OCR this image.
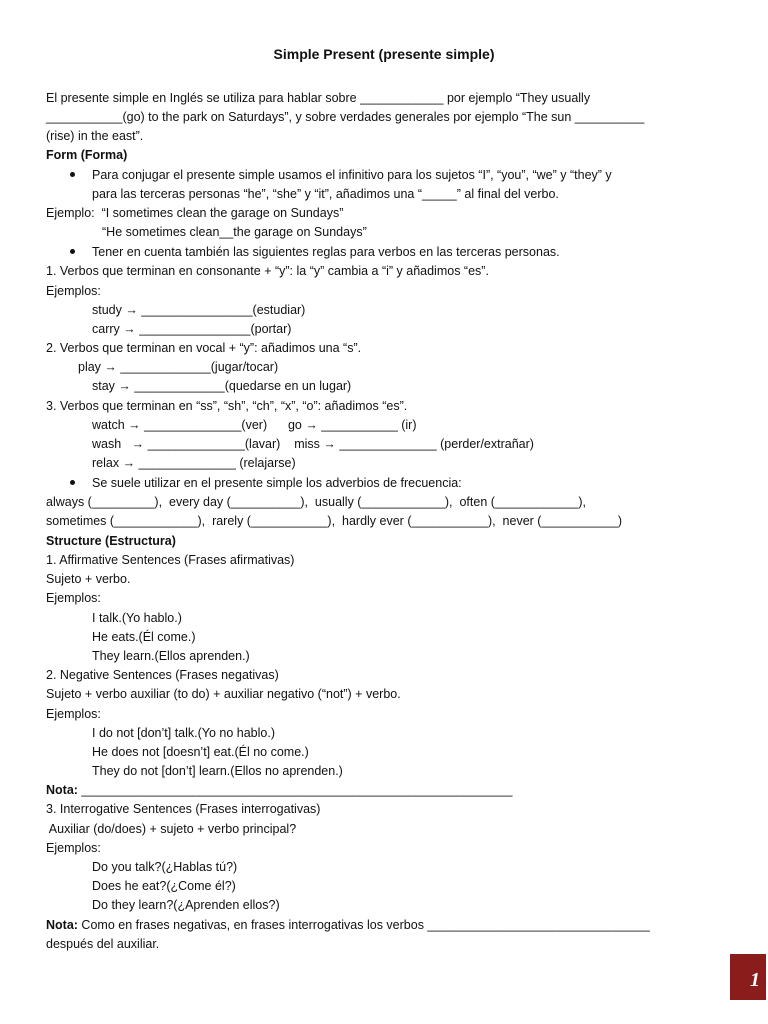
Simple Present (presente simple)
El presente simple en Inglés se utiliza para hablar sobre ____________ por ejemplo “They usually
___________(go) to the park on Saturdays”, y sobre verdades generales por ejemplo “The sun __________
(rise) in the east”.
Form (Forma)
Para conjugar el presente simple usamos el infinitivo para los sujetos “I”, “you”, “we” y “they” y
para las terceras personas “he”, “she” y “it”, añadimos una “_____” al final del verbo.
Ejemplo:  “I sometimes clean the garage on Sundays”
“He sometimes clean__the garage on Sundays”
Tener en cuenta también las siguientes reglas para verbos en las terceras personas.
1. Verbos que terminan en consonante + “y”: la “y” cambia a “i” y añadimos “es”.
Ejemplos:
study → ________________(estudiar)
carry → ________________(portar)
2. Verbos que terminan en vocal + “y”: añadimos una “s”.
play → _____________(jugar/tocar)
stay → _____________(quedarse en un lugar)
3. Verbos que terminan en “ss”, “sh”, “ch”, “x”, “o”: añadimos “es”.
watch → ______________(ver)      go → ___________ (ir)
wash   → ______________(lavar)    miss → ______________ (perder/extrañar)
relax → ______________ (relajarse)
Se suele utilizar en el presente simple los adverbios de frecuencia:
always (_________),  every day (__________),  usually (____________),  often (____________),
sometimes (____________),  rarely (___________),  hardly ever (___________),  never (___________)
Structure (Estructura)
1. Affirmative Sentences (Frases afirmativas)
Sujeto + verbo.
Ejemplos:
I talk.(Yo hablo.)
He eats.(Él come.)
They learn.(Ellos aprenden.)
2. Negative Sentences (Frases negativas)
Sujeto + verbo auxiliar (to do) + auxiliar negativo (“not”) + verbo.
Ejemplos:
I do not [don’t] talk.(Yo no hablo.)
He does not [doesn’t] eat.(Él no come.)
They do not [don’t] learn.(Ellos no aprenden.)
Nota: ______________________________________________________________
3. Interrogative Sentences (Frases interrogativas)
Auxiliar (do/does) + sujeto + verbo principal?
Ejemplos:
Do you talk?(¿Hablas tú?)
Does he eat?(¿Come él?)
Do they learn?(¿Aprenden ellos?)
Nota: Como en frases negativas, en frases interrogativas los verbos ________________________________
después del auxiliar.
1
